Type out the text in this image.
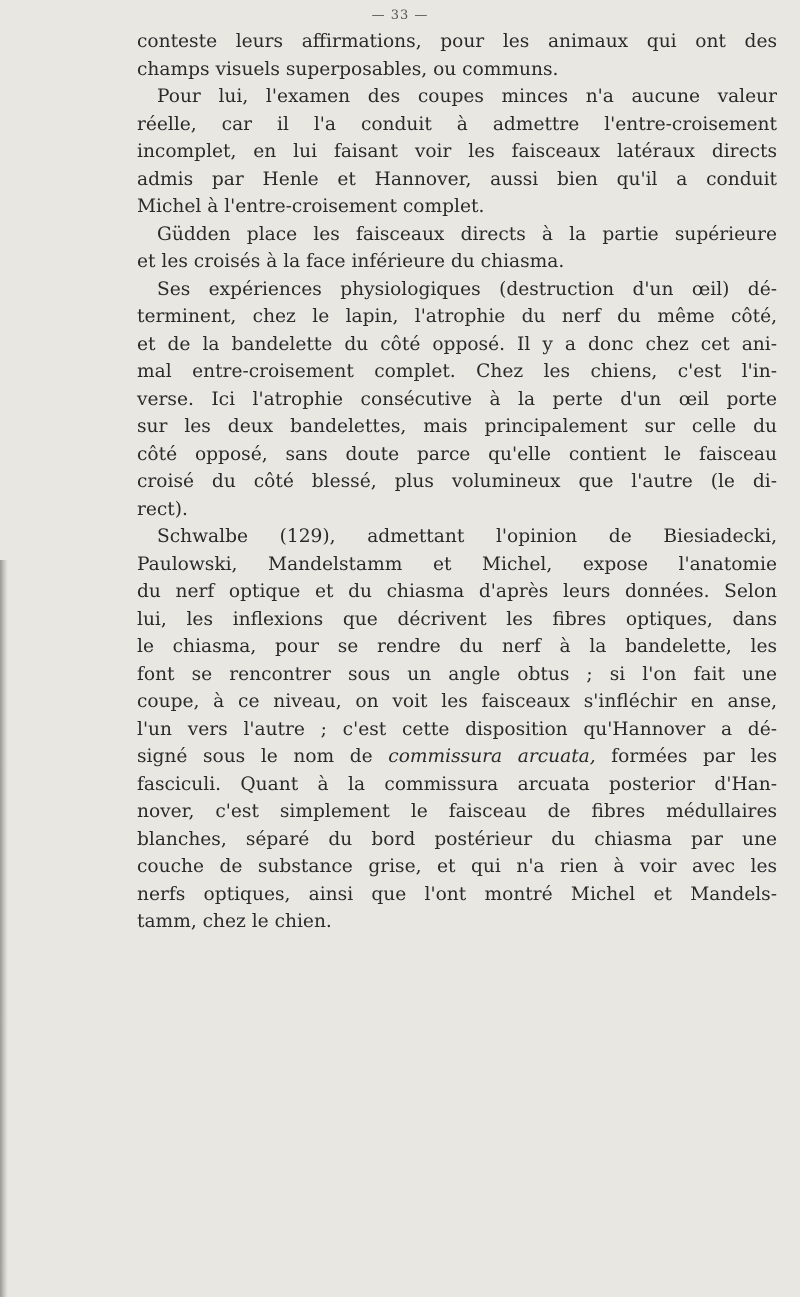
— 33 —
conteste leurs affirmations, pour les animaux qui ont des
champs visuels superposables, ou communs.
Pour lui, l'examen des coupes minces n'a aucune valeur
réelle, car il l'a conduit à admettre l'entre-croisement
incomplet, en lui faisant voir les faisceaux latéraux directs
admis par Henle et Hannover, aussi bien qu'il a conduit
Michel à l'entre-croisement complet.
Güdden place les faisceaux directs à la partie supérieure
et les croisés à la face inférieure du chiasma.
Ses expériences physiologiques (destruction d'un œil) dé-
terminent, chez le lapin, l'atrophie du nerf du même côté,
et de la bandelette du côté opposé. Il y a donc chez cet ani-
mal entre-croisement complet. Chez les chiens, c'est l'in-
verse. Ici l'atrophie consécutive à la perte d'un œil porte
sur les deux bandelettes, mais principalement sur celle du
côté opposé, sans doute parce qu'elle contient le faisceau
croisé du côté blessé, plus volumineux que l'autre (le di-
rect).
Schwalbe (129), admettant l'opinion de Biesiadecki,
Paulowski, Mandelstamm et Michel, expose l'anatomie
du nerf optique et du chiasma d'après leurs données. Selon
lui, les inflexions que décrivent les fibres optiques, dans
le chiasma, pour se rendre du nerf à la bandelette, les
font se rencontrer sous un angle obtus ; si l'on fait une
coupe, à ce niveau, on voit les faisceaux s'infléchir en anse,
l'un vers l'autre ; c'est cette disposition qu'Hannover a dé-
signé sous le nom de commissura arcuata, formées par les
fasciculi. Quant à la commissura arcuata posterior d'Han-
nover, c'est simplement le faisceau de fibres médullaires
blanches, séparé du bord postérieur du chiasma par une
couche de substance grise, et qui n'a rien à voir avec les
nerfs optiques, ainsi que l'ont montré Michel et Mandels-
tamm, chez le chien.
